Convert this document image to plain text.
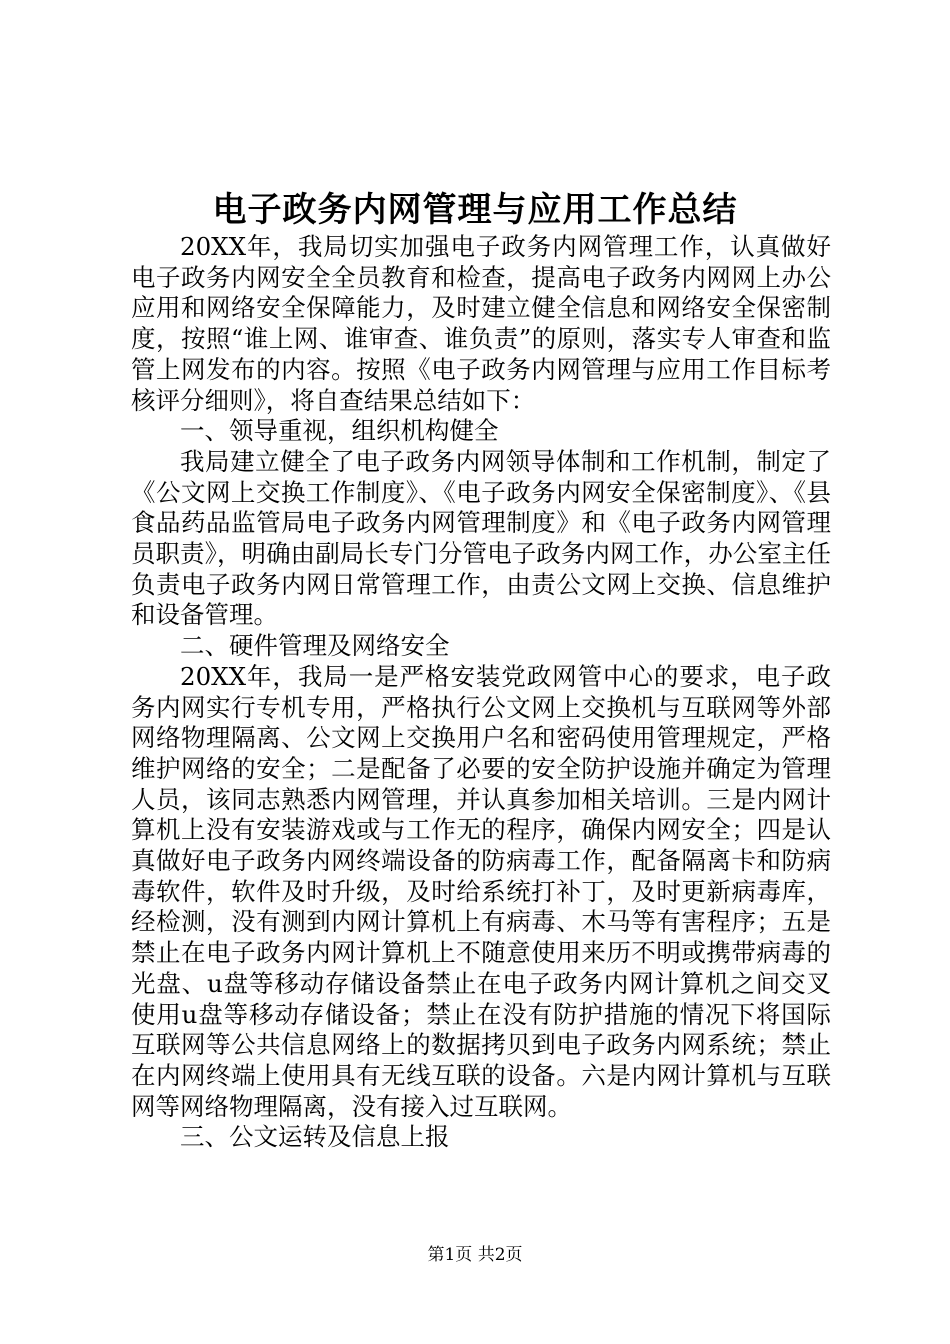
电子政务内网管理与应用工作总结

20XX年，我局切实加强电子政务内网管理工作，认真做好电子政务内网安全全员教育和检查，提高电子政务内网网上办公应用和网络安全保障能力，及时建立健全信息和网络安全保密制度，按照“谁上网、谁审查、谁负责”的原则，落实专人审查和监管上网发布的内容。按照《电子政务内网管理与应用工作目标考核评分细则》，将自查结果总结如下：

一、领导重视，组织机构健全

我局建立健全了电子政务内网领导体制和工作机制，制定了《公文网上交换工作制度》、《电子政务内网安全保密制度》、《县食品药品监管局电子政务内网管理制度》和《电子政务内网管理员职责》，明确由副局长专门分管电子政务内网工作，办公室主任负责电子政务内网日常管理工作，由责公文网上交换、信息维护和设备管理。

二、硬件管理及网络安全

20XX年，我局一是严格安装党政网管中心的要求，电子政务内网实行专机专用，严格执行公文网上交换机与互联网等外部网络物理隔离、公文网上交换用户名和密码使用管理规定，严格维护网络的安全；二是配备了必要的安全防护设施并确定为管理人员，该同志熟悉内网管理，并认真参加相关培训。三是内网计算机上没有安装游戏或与工作无的程序，确保内网安全；四是认真做好电子政务内网终端设备的防病毒工作，配备隔离卡和防病毒软件，软件及时升级，及时给系统打补丁，及时更新病毒库，经检测，没有测到内网计算机上有病毒、木马等有害程序；五是禁止在电子政务内网计算机上不随意使用来历不明或携带病毒的光盘、u盘等移动存储设备禁止在电子政务内网计算机之间交叉使用u盘等移动存储设备；禁止在没有防护措施的情况下将国际互联网等公共信息网络上的数据拷贝到电子政务内网系统；禁止在内网终端上使用具有无线互联的设备。六是内网计算机与互联网等网络物理隔离，没有接入过互联网。

三、公文运转及信息上报

第1页 共2页
